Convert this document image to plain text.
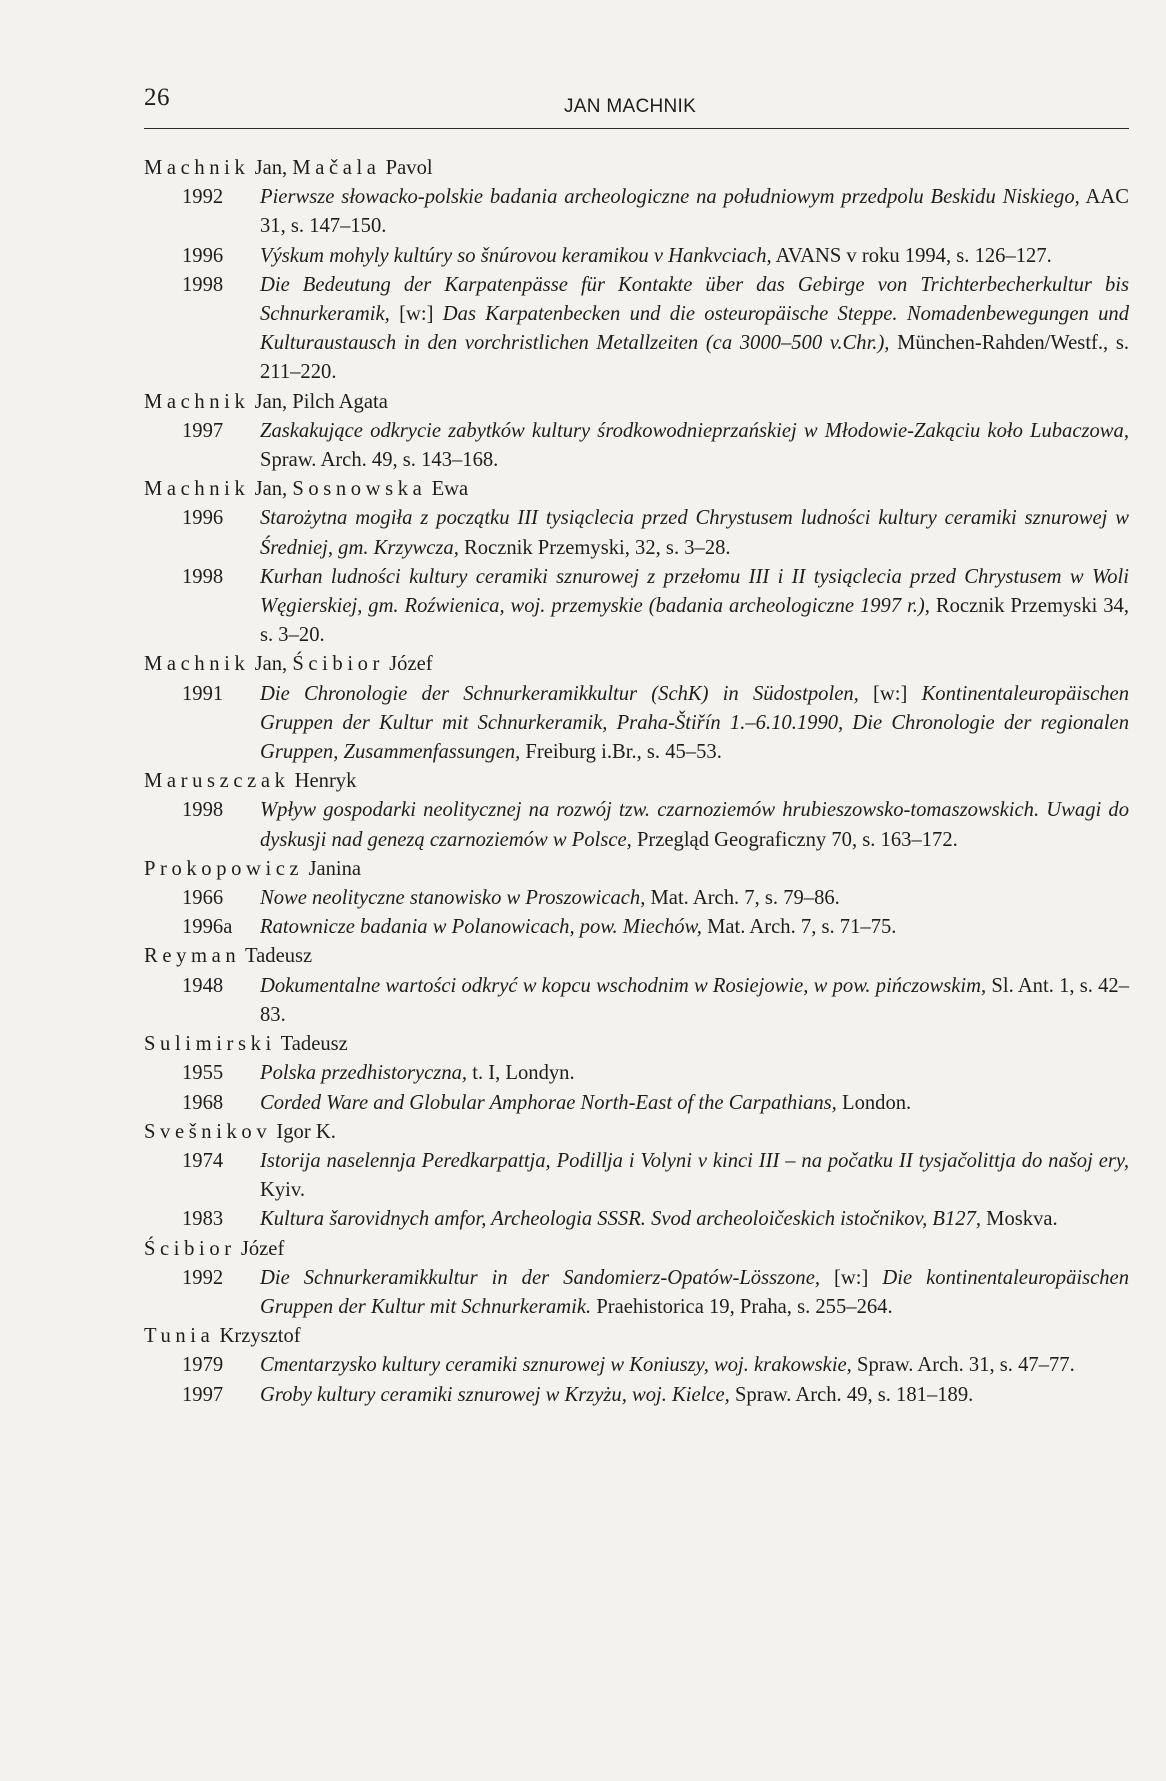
26	JAN MACHNIK

Machnik Jan, Mačala Pavol

1992 Pierwsze słowacko-polskie badania archeologiczne na południowym przedpolu Beskidu Niskiego, AAC 31, s. 147–150.

1996 Výskum mohyly kultúry so šnúrovou keramikou v Hankvciach, AVANS v roku 1994, s. 126–127.

1998 Die Bedeutung der Karpatenpässe für Kontakte über das Gebirge von Trichterbecherkultur bis Schnurkeramik, [w:] Das Karpatenbecken und die osteuropäische Steppe. Nomadenbewegungen und Kulturaustausch in den vorchristlichen Metallzeiten (ca 3000–500 v.Chr.), München-Rahden/Westf., s. 211–220.

Machnik Jan, Pilch Agata

1997 Zaskakujące odkrycie zabytków kultury środkowodnieprzańskiej w Młodowie-Zakąciu koło Lubaczowa, Spraw. Arch. 49, s. 143–168.

Machnik Jan, Sosnowska Ewa

1996 Starożytna mogiła z początku III tysiąclecia przed Chrystusem ludności kultury ceramiki sznurowej w Średniej, gm. Krzywcza, Rocznik Przemyski, 32, s. 3–28.

1998 Kurhan ludności kultury ceramiki sznurowej z przełomu III i II tysiąclecia przed Chrystusem w Woli Węgierskiej, gm. Roźwienica, woj. przemyskie (badania archeologiczne 1997 r.), Rocznik Przemyski 34, s. 3–20.

Machnik Jan, Ścibior Józef

1991 Die Chronologie der Schnurkeramikkultur (SchK) in Südostpolen, [w:] Kontinentaleuropäischen Gruppen der Kultur mit Schnurkeramik, Praha-Štiřín 1.–6.10.1990, Die Chronologie der regionalen Gruppen, Zusammenfassungen, Freiburg i.Br., s. 45–53.

Maruszczak Henryk

1998 Wpływ gospodarki neolitycznej na rozwój tzw. czarnoziemów hrubieszowsko-tomaszowskich. Uwagi do dyskusji nad genezą czarnoziemów w Polsce, Przegląd Geograficzny 70, s. 163–172.

Prokopowicz Janina

1966 Nowe neolityczne stanowisko w Proszowicach, Mat. Arch. 7, s. 79–86.

1996a Ratownicze badania w Polanowicach, pow. Miechów, Mat. Arch. 7, s. 71–75.

Reyman Tadeusz

1948 Dokumentalne wartości odkryć w kopcu wschodnim w Rosiejowie, w pow. pińczowskim, Sl. Ant. 1, s. 42–83.

Sulimirski Tadeusz

1955 Polska przedhistoryczna, t. I, Londyn.

1968 Corded Ware and Globular Amphorae North-East of the Carpathians, London.

Svešnikov Igor K.

1974 Istorija naselennja Peredkarpattja, Podillja i Volyni v kinci III – na počatku II tysjačolittja do našoj ery, Kyiv.

1983 Kultura šarovidnych amfor, Archeologia SSSR. Svod archeoloičeskich istočnikov, B127, Moskva.

Ścibior Józef

1992 Die Schnurkeramikkultur in der Sandomierz-Opatów-Lösszone, [w:] Die kontinentaleuropäischen Gruppen der Kultur mit Schnurkeramik. Praehistorica 19, Praha, s. 255–264.

Tunia Krzysztof

1979 Cmentarzysko kultury ceramiki sznurowej w Koniuszy, woj. krakowskie, Spraw. Arch. 31, s. 47–77.

1997 Groby kultury ceramiki sznurowej w Krzyżu, woj. Kielce, Spraw. Arch. 49, s. 181–189.
